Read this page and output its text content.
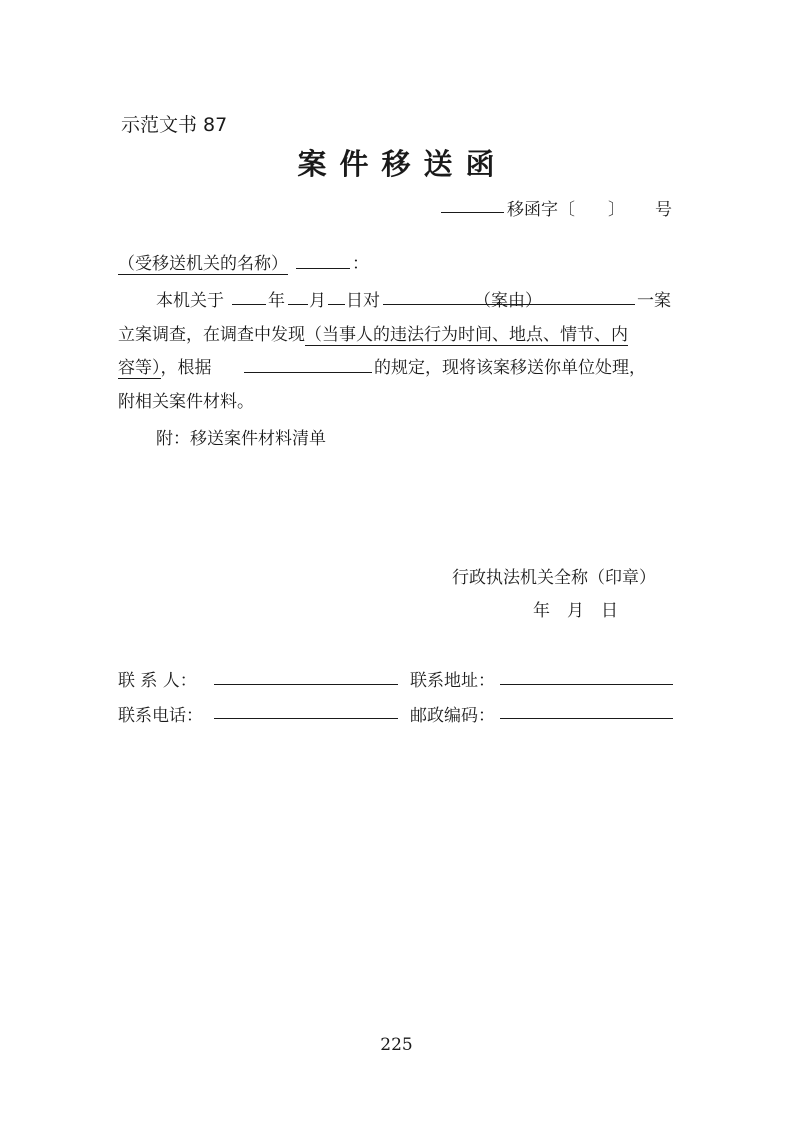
示范文书 87
案件移送函
移函字〔 〕 号
（受移送机关的名称）	：
本机关于	年 月 日对	（案由）	一案
立案调查，在调查中发现（当事人的违法行为时间、地点、情节、内
容等），根据	的规定，现将该案移送你单位处理，
附相关案件材料。
附：移送案件材料清单
行政执法机关全称（印章）
年　月　日
联 系 人：	联系地址：
联系电话：	邮政编码：
225
